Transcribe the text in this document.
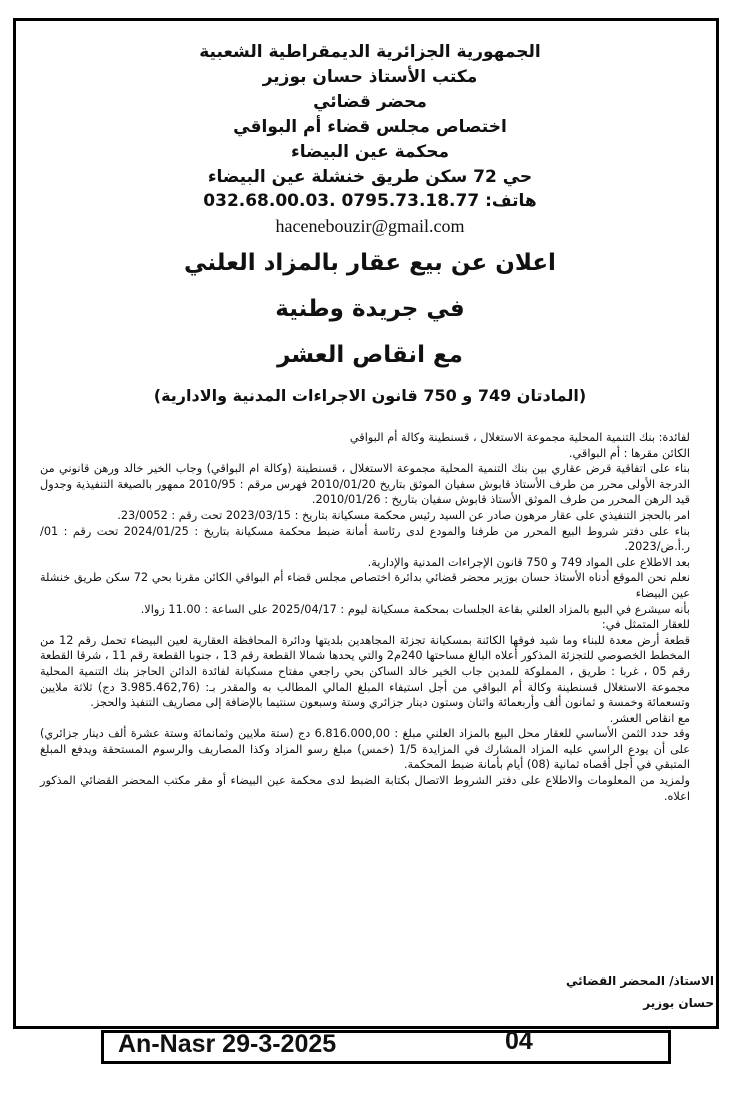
الجمهورية الجزائرية الديمقراطية الشعبية
مكتب الأستاذ حسان بوزير
محضر قضائي
اختصاص مجلس قضاء أم البواقي
محكمة عين البيضاء
حي 72 سكن طريق خنشلة عين البيضاء
هاتف: 0795.73.18.77 .032.68.00.03
hacenebouzir@gmail.com
اعلان عن بيع عقار بالمزاد العلني
في جريدة وطنية
مع انقاص العشر
(المادتان 749 و 750 قانون الاجراءات المدنية والادارية)

لفائدة: بنك التنمية المحلية مجموعة الاستغلال ، قسنطينة وكالة أم البواقي

الكائن مقرها : أم البواقي.

بناء على اتفاقية قرض عقاري بين بنك التنمية المحلية مجموعة الاستغلال ، قسنطينة (وكالة ام البواقي) وجاب الخير خالد ورهن قانوني من الدرجة الأولى محرر من طرف الأستاذ قابوش سفيان الموثق بتاريخ 2010/01/20 فهرس مرقم : 2010/95 ممهور بالصيغة التنفيذية وجدول قيد الرهن المحرر من طرف الموثق الأستاذ قابوش سفيان بتاريخ : 2010/01/26.

امر بالحجز التنفيذي على عقار مرهون صادر عن السيد رئيس محكمة مسكيانة بتاريخ : 2023/03/15 تحت رقم : 23/0052.

بناء على دفتر شروط البيع المحرر من طرفنا والمودع لدى رئاسة أمانة ضبط محكمة مسكيانة بتاريخ : 2024/01/25 تحت رقم : 01/ر.أ.ض/2023.

بعد الاطلاع على المواد 749 و 750 قانون الإجراءات المدنية والإدارية.

نعلم نحن الموقع أدناه الأستاذ حسان بوزير محضر قضائي بدائرة اختصاص مجلس قضاء أم البواقي الكائن مقرنا بحي 72 سكن طريق خنشلة عين البيضاء

بأنه سيشرع في البيع بالمزاد العلني بقاعة الجلسات بمحكمة مسكيانة ليوم : 2025/04/17 على الساعة : 11.00 زوالا.

للعقار المتمثل في:

قطعة أرض معدة للبناء وما شيد فوقها الكائنة بمسكيانة تجزئة المجاهدين بلديتها ودائرة المحافظة العقارية لعين البيضاء تحمل رقم 12 من المخطط الخصوصي للتجزئة المذكور أعلاه البالغ مساحتها 240م2 والتي يحدها شمالا القطعة رقم 13 ، جنوبا القطعة رقم 11 ، شرقا القطعة رقم 05 ، غربا : طريق ، المملوكة للمدين جاب الخير خالد الساكن بحي راجعي مفتاح مسكيانة لفائدة الدائن الحاجز بنك التنمية المحلية مجموعة الاستغلال قسنطينة وكالة أم البواقي من أجل استيفاء المبلغ المالي المطالب به والمقدر بـ: (3.985.462,76 دج) ثلاثة ملايين وتسعمائة وخمسة و ثمانون ألف وأربعمائة واثنان وستون دينار جزائري وستة وسبعون سنتيما بالإضافة إلى مصاريف التنفيذ والحجز.

مع انقاص العشر.

وقد حدد الثمن الأساسي للعقار محل البيع بالمزاد العلني مبلغ : 6.816.000,00 دج (ستة ملايين وثمانمائة وستة عشرة ألف دينار جزائري) على أن يودع الراسي عليه المزاد المشارك في المزايدة 1/5 (خمس) مبلغ رسو المزاد وكذا المصاريف والرسوم المستحقة ويدفع المبلغ المتبقي في أجل أقصاه ثمانية (08) أيام بأمانة ضبط المحكمة.

ولمزيد من المعلومات والاطلاع على دفتر الشروط الاتصال بكتابة الضبط لدى محكمة عين البيضاء أو مقر مكتب المحضر القضائي المذكور اعلاه.

الاستاذ/ المحضر القضائي
حسان بوزير
An-Nasr 29-3-2025	04
